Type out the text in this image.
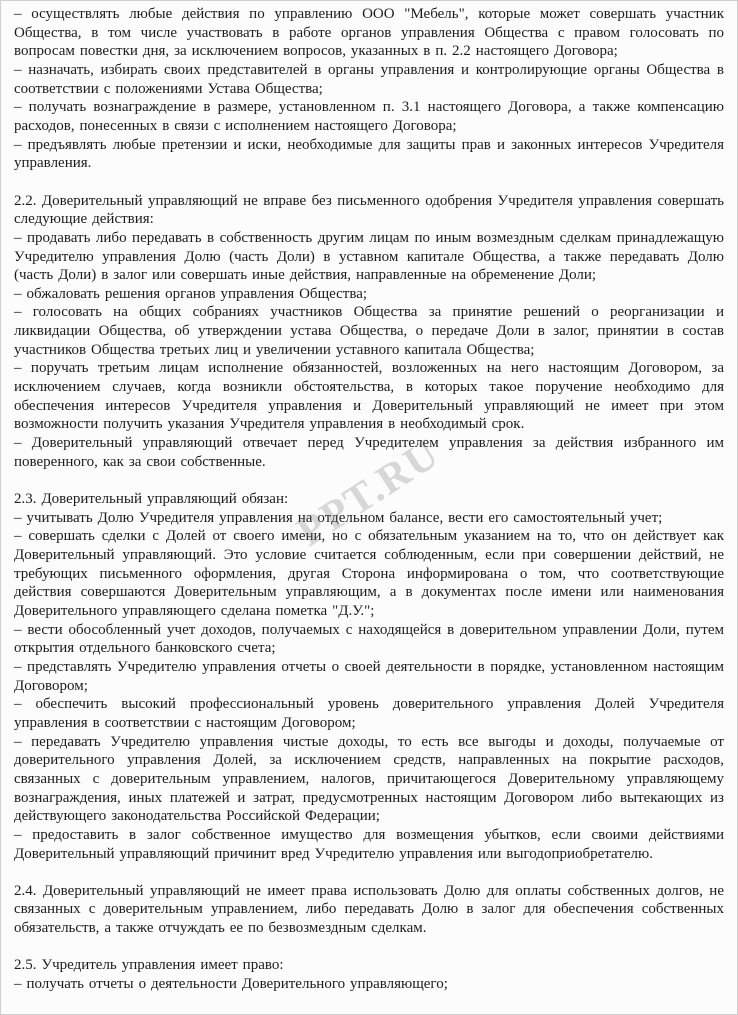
PPT.RU

– осуществлять любые действия по управлению ООО "Мебель", которые может совершать участник Общества, в том числе участвовать в работе органов управления Общества с правом голосовать по вопросам повестки дня, за исключением вопросов, указанных в п. 2.2 настоящего Договора;

– назначать, избирать своих представителей в органы управления и контролирующие органы Общества в соответствии с положениями Устава Общества;

– получать вознаграждение в размере, установленном п. 3.1 настоящего Договора, а также компенсацию расходов, понесенных в связи с исполнением настоящего Договора;

– предъявлять любые претензии и иски, необходимые для защиты прав и законных интересов Учредителя управления.

2.2. Доверительный управляющий не вправе без письменного одобрения Учредителя управления совершать следующие действия:

– продавать либо передавать в собственность другим лицам по иным возмездным сделкам принадлежащую Учредителю управления Долю (часть Доли) в уставном капитале Общества, а также передавать Долю (часть Доли) в залог или совершать иные действия, направленные на обременение Доли;

– обжаловать решения органов управления Общества;

– голосовать на общих собраниях участников Общества за принятие решений о реорганизации и ликвидации Общества, об утверждении устава Общества, о передаче Доли в залог, принятии в состав участников Общества третьих лиц и увеличении уставного капитала Общества;

– поручать третьим лицам исполнение обязанностей, возложенных на него настоящим Договором, за исключением случаев, когда возникли обстоятельства, в которых такое поручение необходимо для обеспечения интересов Учредителя управления и Доверительный управляющий не имеет при этом возможности получить указания Учредителя управления в необходимый срок.

– Доверительный управляющий отвечает перед Учредителем управления за действия избранного им поверенного, как за свои собственные.

2.3. Доверительный управляющий обязан:

– учитывать Долю Учредителя управления на отдельном балансе, вести его самостоятельный учет;

– совершать сделки с Долей от своего имени, но с обязательным указанием на то, что он действует как Доверительный управляющий. Это условие считается соблюденным, если при совершении действий, не требующих письменного оформления, другая Сторона информирована о том, что соответствующие действия совершаются Доверительным управляющим, а в документах после имени или наименования Доверительного управляющего сделана пометка "Д.У.";

– вести обособленный учет доходов, получаемых с находящейся в доверительном управлении Доли, путем открытия отдельного банковского счета;

– представлять Учредителю управления отчеты о своей деятельности в порядке, установленном настоящим Договором;

– обеспечить высокий профессиональный уровень доверительного управления Долей Учредителя управления в соответствии с настоящим Договором;

– передавать Учредителю управления чистые доходы, то есть все выгоды и доходы, получаемые от доверительного управления Долей, за исключением средств, направленных на покрытие расходов, связанных с доверительным управлением, налогов, причитающегося Доверительному управляющему вознаграждения, иных платежей и затрат, предусмотренных настоящим Договором либо вытекающих из действующего законодательства Российской Федерации;

– предоставить в залог собственное имущество для возмещения убытков, если своими действиями Доверительный управляющий причинит вред Учредителю управления или выгодоприобретателю.

2.4. Доверительный управляющий не имеет права использовать Долю для оплаты собственных долгов, не связанных с доверительным управлением, либо передавать Долю в залог для обеспечения собственных обязательств, а также отчуждать ее по безвозмездным сделкам.

2.5. Учредитель управления имеет право:

– получать отчеты о деятельности Доверительного управляющего;
